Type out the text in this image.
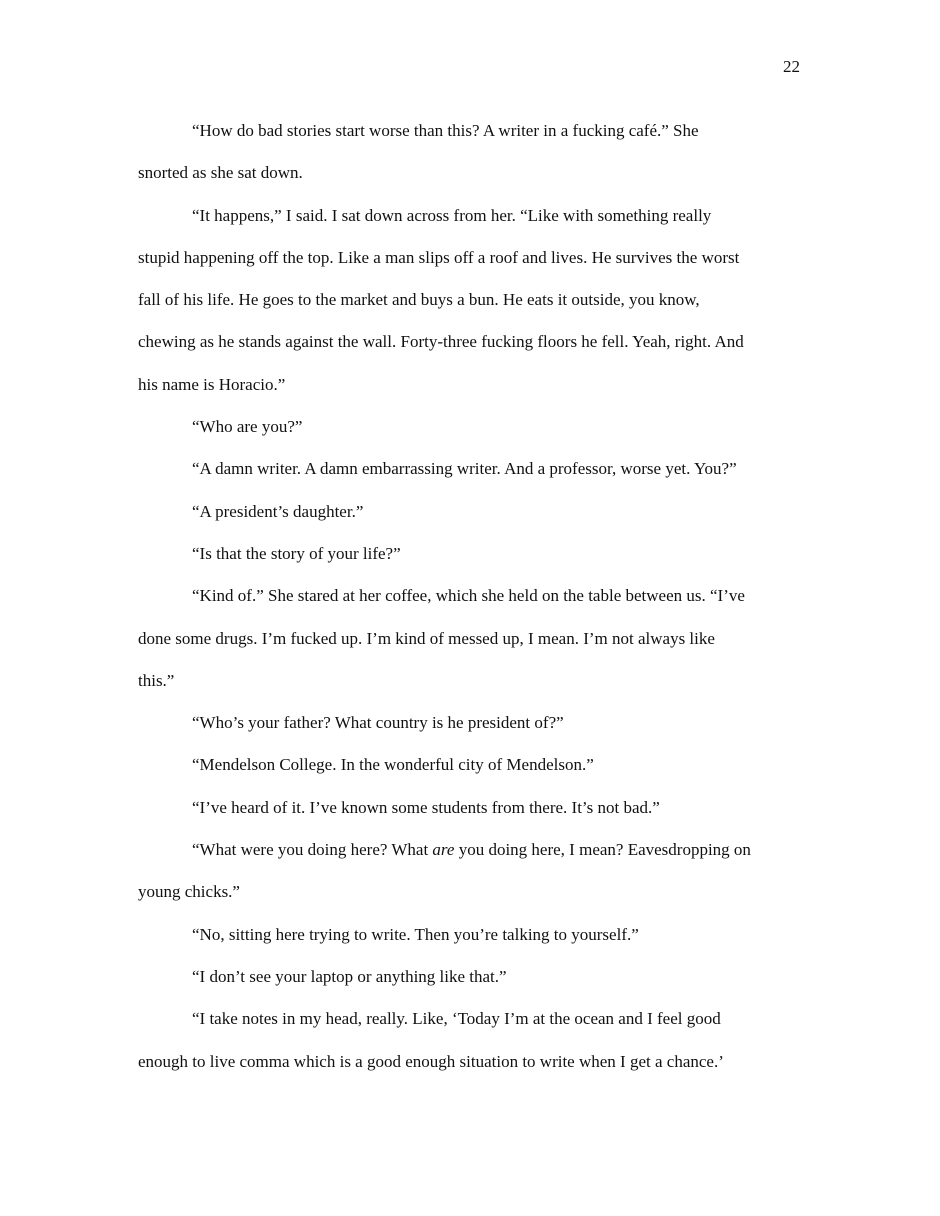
22

“How do bad stories start worse than this? A writer in a fucking café.” She
snorted as she sat down.

“It happens,” I said. I sat down across from her. “Like with something really
stupid happening off the top. Like a man slips off a roof and lives. He survives the worst
fall of his life. He goes to the market and buys a bun. He eats it outside, you know,
chewing as he stands against the wall. Forty-three fucking floors he fell. Yeah, right. And
his name is Horacio.”

“Who are you?”

“A damn writer. A damn embarrassing writer. And a professor, worse yet. You?”

“A president’s daughter.”

“Is that the story of your life?”

“Kind of.” She stared at her coffee, which she held on the table between us. “I’ve
done some drugs. I’m fucked up. I’m kind of messed up, I mean. I’m not always like
this.”

“Who’s your father? What country is he president of?”

“Mendelson College. In the wonderful city of Mendelson.”

“I’ve heard of it. I’ve known some students from there. It’s not bad.”

“What were you doing here? What are you doing here, I mean? Eavesdropping on
young chicks.”

“No, sitting here trying to write. Then you’re talking to yourself.”

“I don’t see your laptop or anything like that.”

“I take notes in my head, really. Like, ‘Today I’m at the ocean and I feel good
enough to live comma which is a good enough situation to write when I get a chance.’
